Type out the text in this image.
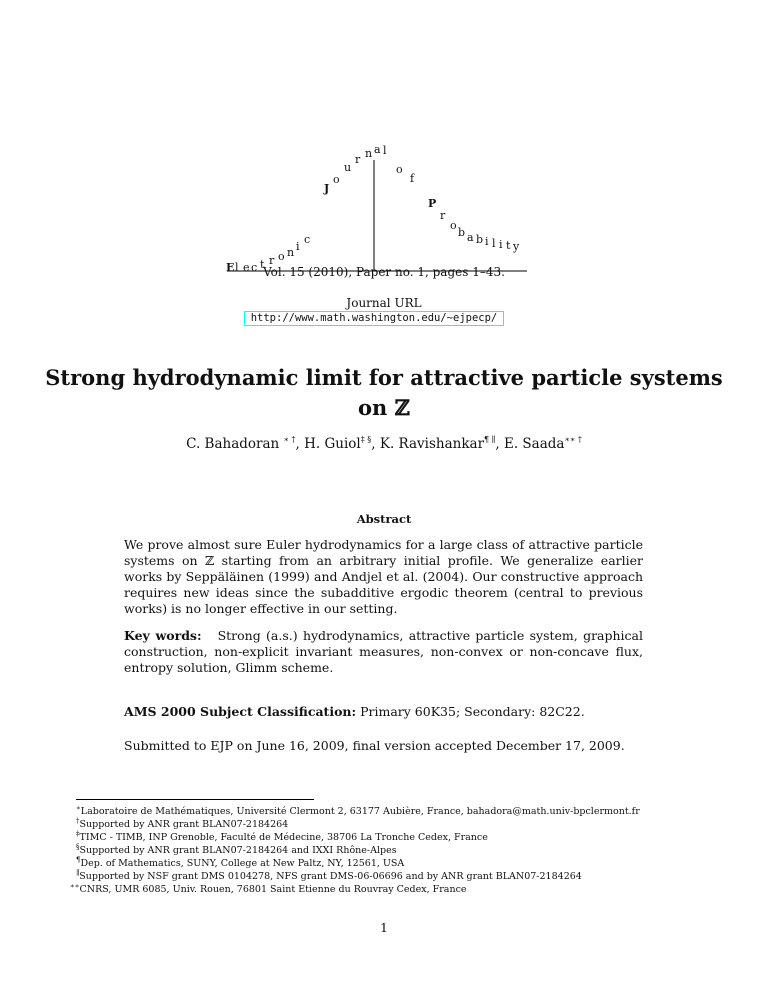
E l e c t r o n i
c
J
o
u
r n a l
o
f
P
r
o
b a b i l i t y
Vol. 15 (2010), Paper no. 1, pages 1–43.
Journal URL
http://www.math.washington.edu/~ejpecp/
Strong hydrodynamic limit for attractive particle systems
on ℤ
C. Bahadoran ∗ †, H. Guiol‡ §, K. Ravishankar¶ ∥, E. Saada∗∗ †
Abstract
We prove almost sure Euler hydrodynamics for a large class of attractive particle systems on ℤ starting from an arbitrary initial profile. We generalize earlier works by Seppäläinen (1999) and Andjel et al. (2004). Our constructive approach requires new ideas since the subadditive ergodic theorem (central to previous works) is no longer effective in our setting.
Key words: Strong (a.s.) hydrodynamics, attractive particle system, graphical construction, non-explicit invariant measures, non-convex or non-concave flux, entropy solution, Glimm scheme.
AMS 2000 Subject Classification: Primary 60K35; Secondary: 82C22.
Submitted to EJP on June 16, 2009, final version accepted December 17, 2009.
∗Laboratoire de Mathématiques, Université Clermont 2, 63177 Aubière, France, bahadora@math.univ-bpclermont.fr
†Supported by ANR grant BLAN07-2184264
‡TIMC - TIMB, INP Grenoble, Faculté de Médecine, 38706 La Tronche Cedex, France
§Supported by ANR grant BLAN07-2184264 and IXXI Rhône-Alpes
¶Dep. of Mathematics, SUNY, College at New Paltz, NY, 12561, USA
∥Supported by NSF grant DMS 0104278, NFS grant DMS-06-06696 and by ANR grant BLAN07-2184264
∗∗CNRS, UMR 6085, Univ. Rouen, 76801 Saint Etienne du Rouvray Cedex, France
1
